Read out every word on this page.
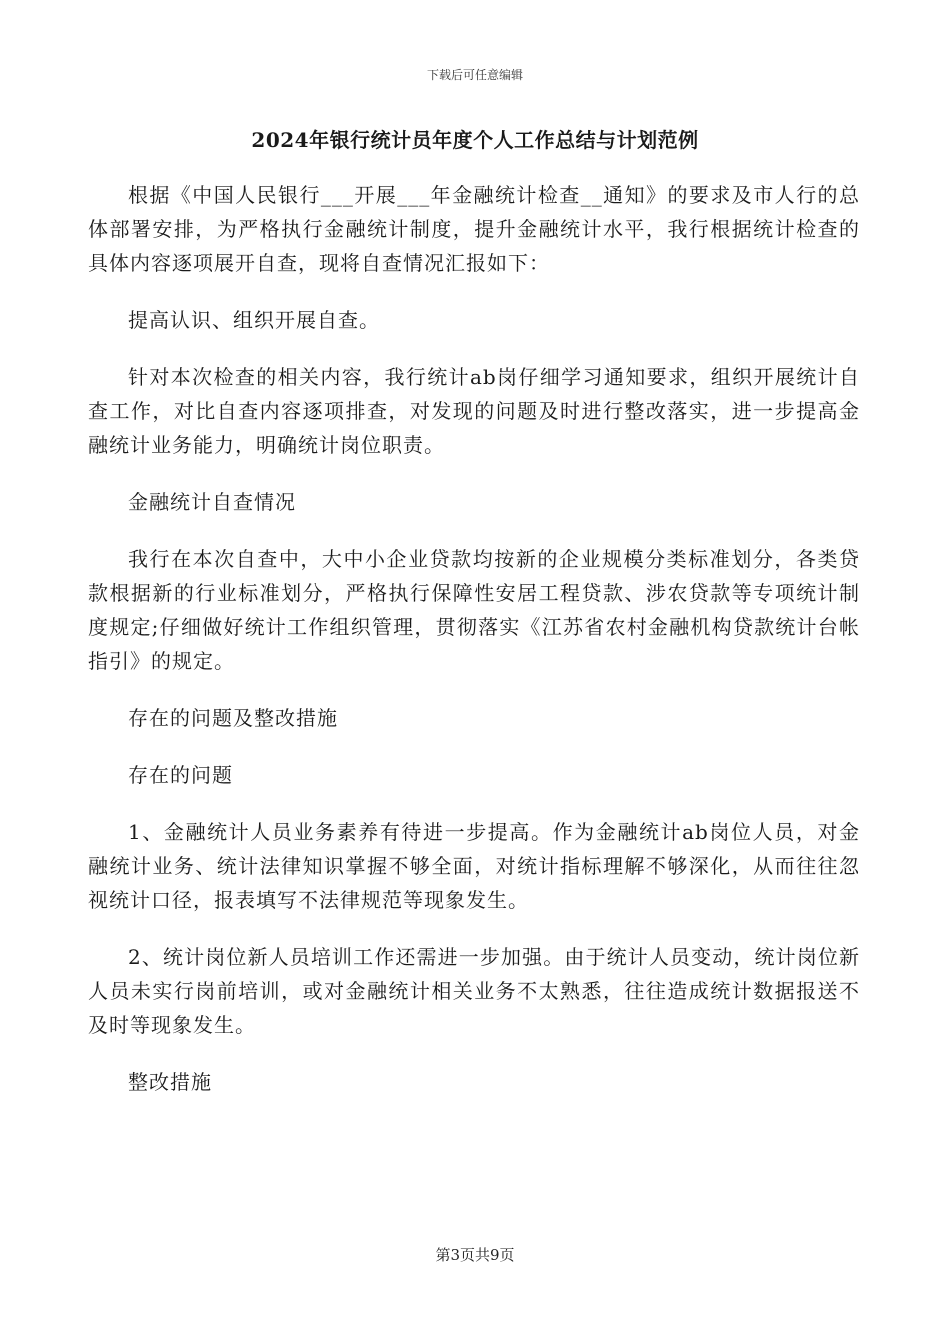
下载后可任意编辑
2024年银行统计员年度个人工作总结与计划范例

根据《中国人民银行___开展___年金融统计检查__通知》的要求及市人行的总体部署安排，为严格执行金融统计制度，提升金融统计水平，我行根据统计检查的具体内容逐项展开自查，现将自查情况汇报如下：

提高认识、组织开展自查。

针对本次检查的相关内容，我行统计ab岗仔细学习通知要求，组织开展统计自查工作，对比自查内容逐项排查，对发现的问题及时进行整改落实，进一步提高金融统计业务能力，明确统计岗位职责。

金融统计自查情况

我行在本次自查中，大中小企业贷款均按新的企业规模分类标准划分，各类贷款根据新的行业标准划分，严格执行保障性安居工程贷款、涉农贷款等专项统计制度规定;仔细做好统计工作组织管理，贯彻落实《江苏省农村金融机构贷款统计台帐指引》的规定。

存在的问题及整改措施

存在的问题

1、金融统计人员业务素养有待进一步提高。作为金融统计ab岗位人员，对金融统计业务、统计法律知识掌握不够全面，对统计指标理解不够深化，从而往往忽视统计口径，报表填写不法律规范等现象发生。

2、统计岗位新人员培训工作还需进一步加强。由于统计人员变动，统计岗位新人员未实行岗前培训，或对金融统计相关业务不太熟悉，往往造成统计数据报送不及时等现象发生。

整改措施

第3页共9页
